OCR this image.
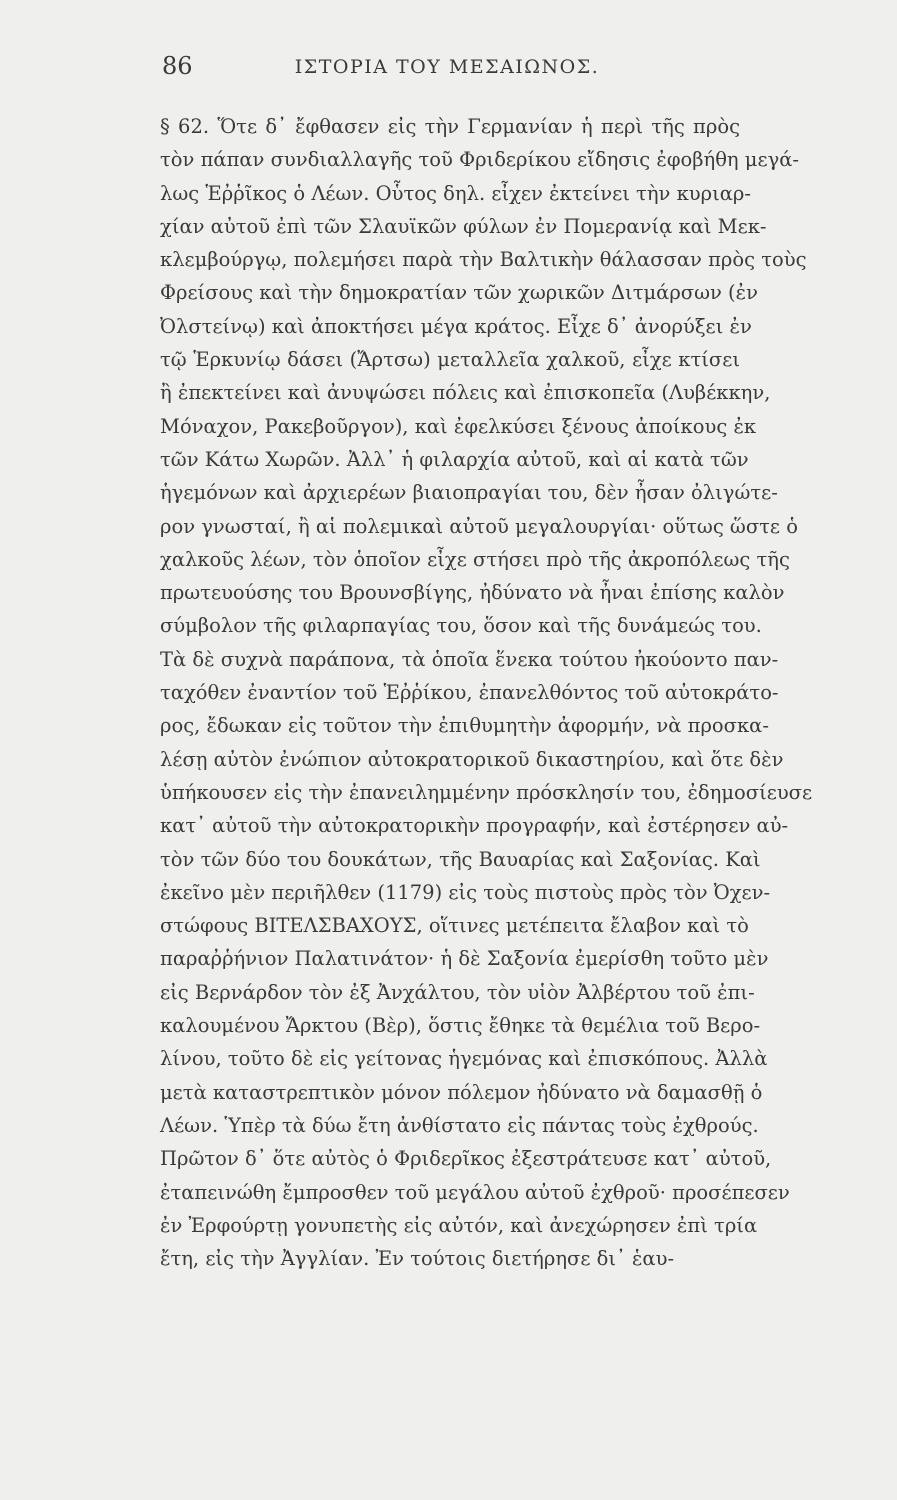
86	ΙΣΤΟΡΙΑ ΤΟΥ ΜΕΣΑΙΩΝΟΣ.
§ 62. Ὅτε δ᾽ ἔφθασεν εἰς τὴν Γερμανίαν ἡ περὶ τῆς πρὸς
τὸν πάπαν συνδιαλλαγῆς τοῦ Φριδερίκου εἴδησις ἐφοβήθη μεγά-
λως Ἑῤῥῖκος ὁ Λέων. Οὗτος δηλ. εἶχεν ἐκτείνει τὴν κυριαρ-
χίαν αὐτοῦ ἐπὶ τῶν Σλαυϊκῶν φύλων ἐν Πομερανίᾳ καὶ Μεκ-
κλεμβούργῳ, πολεμήσει παρὰ τὴν Βαλτικὴν θάλασσαν πρὸς τοὺς
Φρείσους καὶ τὴν δημοκρατίαν τῶν χωρικῶν Διτμάρσων (ἐν
Ὀλστείνῳ) καὶ ἀποκτήσει μέγα κράτος. Εἶχε δ᾽ ἀνορύξει ἐν
τῷ Ἑρκυνίῳ δάσει (Ἄρτσω) μεταλλεῖα χαλκοῦ, εἶχε κτίσει
ἢ ἐπεκτείνει καὶ ἀνυψώσει πόλεις καὶ ἐπισκοπεῖα (Λυβέκκην,
Μόναχον, Ρακεβοῦργον), καὶ ἐφελκύσει ξένους ἀποίκους ἐκ
τῶν Κάτω Χωρῶν. Ἀλλ᾽ ἡ φιλαρχία αὐτοῦ, καὶ αἱ κατὰ τῶν
ἡγεμόνων καὶ ἀρχιερέων βιαιοπραγίαι του, δὲν ἦσαν ὀλιγώτε-
ρον γνωσταί, ἢ αἱ πολεμικαὶ αὐτοῦ μεγαλουργίαι· οὕτως ὥστε ὁ
χαλκοῦς λέων, τὸν ὁποῖον εἶχε στήσει πρὸ τῆς ἀκροπόλεως τῆς
πρωτευούσης του Βρουνσβίγης, ἠδύνατο νὰ ἦναι ἐπίσης καλὸν
σύμβολον τῆς φιλαρπαγίας του, ὅσον καὶ τῆς δυνάμεώς του.
Τὰ δὲ συχνὰ παράπονα, τὰ ὁποῖα ἕνεκα τούτου ἠκούοντο παν-
ταχόθεν ἐναντίον τοῦ Ἑῤῥίκου, ἐπανελθόντος τοῦ αὐτοκράτο-
ρος, ἔδωκαν εἰς τοῦτον τὴν ἐπιθυμητὴν ἀφορμήν, νὰ προσκα-
λέσῃ αὐτὸν ἐνώπιον αὐτοκρατορικοῦ δικαστηρίου, καὶ ὅτε δὲν
ὑπήκουσεν εἰς τὴν ἐπανειλημμένην πρόσκλησίν του, ἐδημοσίευσε
κατ᾽ αὐτοῦ τὴν αὐτοκρατορικὴν προγραφήν, καὶ ἐστέρησεν αὐ-
τὸν τῶν δύο του δουκάτων, τῆς Βαυαρίας καὶ Σαξονίας. Καὶ
ἐκεῖνο μὲν περιῆλθεν (1179) εἰς τοὺς πιστοὺς πρὸς τὸν Ὀχεν-
στώφους ΒΙΤΕΛΣΒΑΧΟΥΣ, οἵτινες μετέπειτα ἔλαβον καὶ τὸ
παραῤῥήνιον Παλατινάτον· ἡ δὲ Σαξονία ἐμερίσθη τοῦτο μὲν
εἰς Βερνάρδον τὸν ἐξ Ἀνχάλτου, τὸν υἱὸν Ἀλβέρτου τοῦ ἐπι-
καλουμένου Ἄρκτου (Βὲρ), ὅστις ἔθηκε τὰ θεμέλια τοῦ Βερο-
λίνου, τοῦτο δὲ εἰς γείτονας ἡγεμόνας καὶ ἐπισκόπους. Ἀλλὰ
μετὰ καταστρεπτικὸν μόνον πόλεμον ἠδύνατο νὰ δαμασθῇ ὁ
Λέων. Ὑπὲρ τὰ δύω ἔτη ἀνθίστατο εἰς πάντας τοὺς ἐχθρούς.
Πρῶτον δ᾽ ὅτε αὐτὸς ὁ Φριδερῖκος ἐξεστράτευσε κατ᾽ αὐτοῦ,
ἐταπεινώθη ἔμπροσθεν τοῦ μεγάλου αὐτοῦ ἐχθροῦ· προσέπεσεν
ἐν Ἐρφούρτῃ γονυπετὴς εἰς αὐτόν, καὶ ἀνεχώρησεν ἐπὶ τρία
ἔτη, εἰς τὴν Ἀγγλίαν. Ἐν τούτοις διετήρησε δι᾽ ἑαυ-
